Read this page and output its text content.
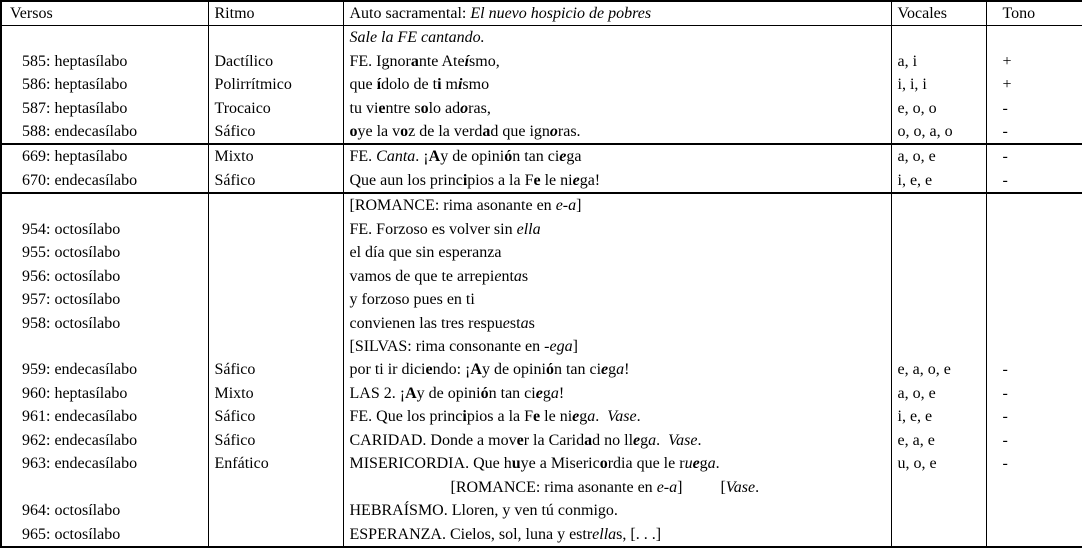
Versos	Ritmo	Auto sacramental: El nuevo hospicio de pobres	Vocales	Tono
		Sale la FE cantando.		
585: heptasílabo	Dactílico	FE. Ignorante Ateísmo,	a, i	+
586: heptasílabo	Polirrítmico	que ídolo de ti mismo	i, i, i	+
587: heptasílabo	Trocaico	tu vientre solo adoras,	e, o, o	-
588: endecasílabo	Sáfico	oye la voz de la verdad que ignoras.	o, o, a, o	-
669: heptasílabo	Mixto	FE. Canta. ¡Ay de opinión tan ciega	a, o, e	-
670: endecasílabo	Sáfico	Que aun los principios a la Fe le niega!	i, e, e	-
		[ROMANCE: rima asonante en e-a]		
954: octosílabo		FE. Forzoso es volver sin ella		
955: octosílabo		el día que sin esperanza		
956: octosílabo		vamos de que te arrepientas		
957: octosílabo		y forzoso pues en ti		
958: octosílabo		convienen las tres respuestas		
		[SILVAS: rima consonante en -ega]		
959: endecasílabo	Sáfico	por ti ir diciendo: ¡Ay de opinión tan ciega!	e, a, o, e	-
960: heptasílabo	Mixto	LAS 2. ¡Ay de opinión tan ciega!	a, o, e	-
961: endecasílabo	Sáfico	FE. Que los principios a la Fe le niega.  Vase.	i, e, e	-
962: endecasílabo	Sáfico	CARIDAD. Donde a mover la Caridad no llega.  Vase.	e, a, e	-
963: endecasílabo	Enfático	MISERICORDIA. Que huye a Misericordia que le ruega.	u, o, e	-
		[ROMANCE: rima asonante en e-a] [Vase.		
964: octosílabo		HEBRAÍSMO. Lloren, y ven tú conmigo.		
965: octosílabo		ESPERANZA. Cielos, sol, luna y estrellas, [. . .]		
